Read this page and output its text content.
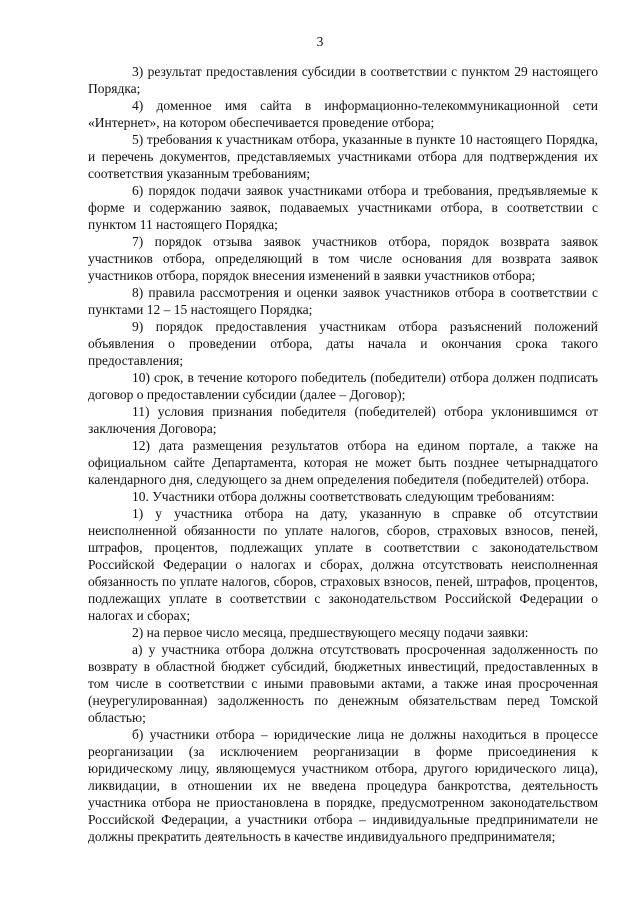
3

3) результат предоставления субсидии в соответствии с пунктом 29 настоящего Порядка;

4) доменное имя сайта в информационно-телекоммуникационной сети «Интернет», на котором обеспечивается проведение отбора;

5) требования к участникам отбора, указанные в пункте 10 настоящего Порядка, и перечень документов, представляемых участниками отбора для подтверждения их соответствия указанным требованиям;

6) порядок подачи заявок участниками отбора и требования, предъявляемые к форме и содержанию заявок, подаваемых участниками отбора, в соответствии с пунктом 11 настоящего Порядка;

7) порядок отзыва заявок участников отбора, порядок возврата заявок участников отбора, определяющий в том числе основания для возврата заявок участников отбора, порядок внесения изменений в заявки участников отбора;

8) правила рассмотрения и оценки заявок участников отбора в соответствии с пунктами 12 – 15 настоящего Порядка;

9) порядок предоставления участникам отбора разъяснений положений объявления о проведении отбора, даты начала и окончания срока такого предоставления;

10) срок, в течение которого победитель (победители) отбора должен подписать договор о предоставлении субсидии (далее – Договор);

11) условия признания победителя (победителей) отбора уклонившимся от заключения Договора;

12) дата размещения результатов отбора на едином портале, а также на официальном сайте Департамента, которая не может быть позднее четырнадцатого календарного дня, следующего за днем определения победителя (победителей) отбора.

10. Участники отбора должны соответствовать следующим требованиям:

1) у участника отбора на дату, указанную в справке об отсутствии неисполненной обязанности по уплате налогов, сборов, страховых взносов, пеней, штрафов, процентов, подлежащих уплате в соответствии с законодательством Российской Федерации о налогах и сборах, должна отсутствовать неисполненная обязанность по уплате налогов, сборов, страховых взносов, пеней, штрафов, процентов, подлежащих уплате в соответствии с законодательством Российской Федерации о налогах и сборах;

2) на первое число месяца, предшествующего месяцу подачи заявки:

а) у участника отбора должна отсутствовать просроченная задолженность по возврату в областной бюджет субсидий, бюджетных инвестиций, предоставленных в том числе в соответствии с иными правовыми актами, а также иная просроченная (неурегулированная) задолженность по денежным обязательствам перед Томской областью;

б) участники отбора – юридические лица не должны находиться в процессе реорганизации (за исключением реорганизации в форме присоединения к юридическому лицу, являющемуся участником отбора, другого юридического лица), ликвидации, в отношении их не введена процедура банкротства, деятельность участника отбора не приостановлена в порядке, предусмотренном законодательством Российской Федерации, а участники отбора – индивидуальные предприниматели не должны прекратить деятельность в качестве индивидуального предпринимателя;
